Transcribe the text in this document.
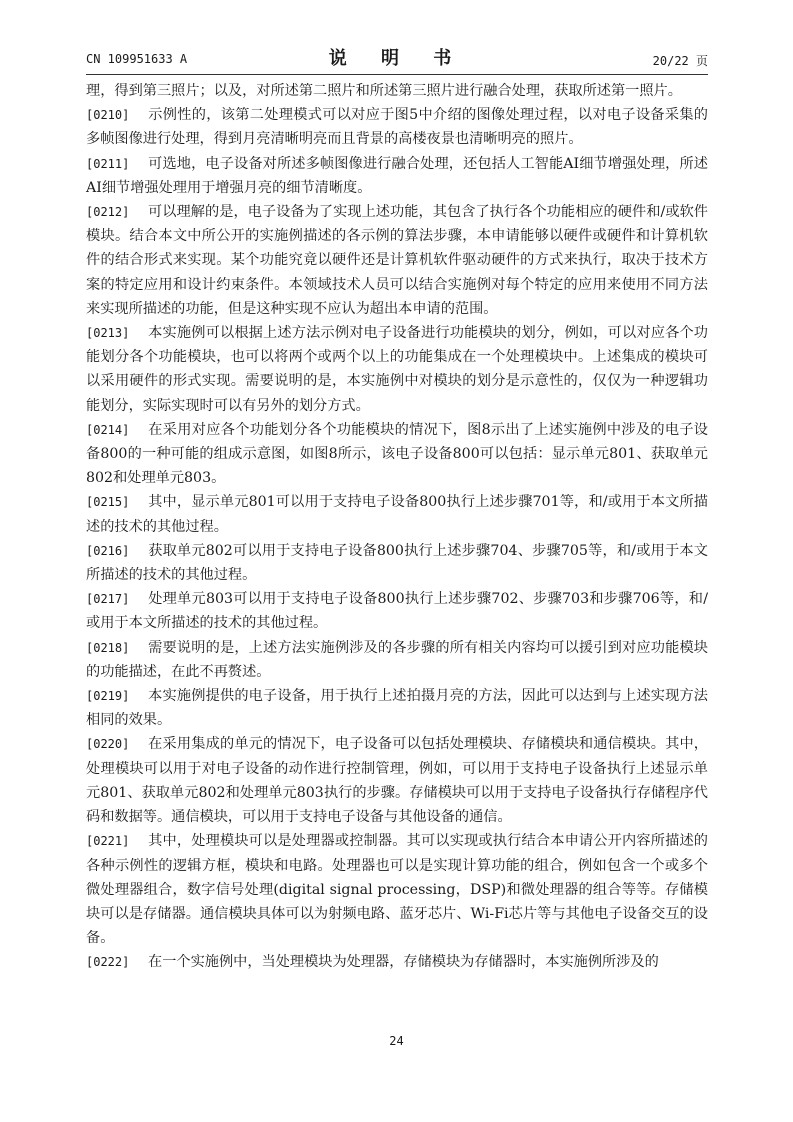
CN 109951633 A	说 明 书	20/22 页

理，得到第三照片；以及，对所述第二照片和所述第三照片进行融合处理，获取所述第一照片。

[0210] 示例性的，该第二处理模式可以对应于图5中介绍的图像处理过程，以对电子设备采集的多帧图像进行处理，得到月亮清晰明亮而且背景的高楼夜景也清晰明亮的照片。

[0211] 可选地，电子设备对所述多帧图像进行融合处理，还包括人工智能AI细节增强处理，所述AI细节增强处理用于增强月亮的细节清晰度。

[0212] 可以理解的是，电子设备为了实现上述功能，其包含了执行各个功能相应的硬件和/或软件模块。结合本文中所公开的实施例描述的各示例的算法步骤，本申请能够以硬件或硬件和计算机软件的结合形式来实现。某个功能究竟以硬件还是计算机软件驱动硬件的方式来执行，取决于技术方案的特定应用和设计约束条件。本领域技术人员可以结合实施例对每个特定的应用来使用不同方法来实现所描述的功能，但是这种实现不应认为超出本申请的范围。

[0213] 本实施例可以根据上述方法示例对电子设备进行功能模块的划分，例如，可以对应各个功能划分各个功能模块，也可以将两个或两个以上的功能集成在一个处理模块中。上述集成的模块可以采用硬件的形式实现。需要说明的是，本实施例中对模块的划分是示意性的，仅仅为一种逻辑功能划分，实际实现时可以有另外的划分方式。

[0214] 在采用对应各个功能划分各个功能模块的情况下，图8示出了上述实施例中涉及的电子设备800的一种可能的组成示意图，如图8所示，该电子设备800可以包括：显示单元801、获取单元802和处理单元803。

[0215] 其中，显示单元801可以用于支持电子设备800执行上述步骤701等，和/或用于本文所描述的技术的其他过程。

[0216] 获取单元802可以用于支持电子设备800执行上述步骤704、步骤705等，和/或用于本文所描述的技术的其他过程。

[0217] 处理单元803可以用于支持电子设备800执行上述步骤702、步骤703和步骤706等，和/或用于本文所描述的技术的其他过程。

[0218] 需要说明的是，上述方法实施例涉及的各步骤的所有相关内容均可以援引到对应功能模块的功能描述，在此不再赘述。

[0219] 本实施例提供的电子设备，用于执行上述拍摄月亮的方法，因此可以达到与上述实现方法相同的效果。

[0220] 在采用集成的单元的情况下，电子设备可以包括处理模块、存储模块和通信模块。其中，处理模块可以用于对电子设备的动作进行控制管理，例如，可以用于支持电子设备执行上述显示单元801、获取单元802和处理单元803执行的步骤。存储模块可以用于支持电子设备执行存储程序代码和数据等。通信模块，可以用于支持电子设备与其他设备的通信。

[0221] 其中，处理模块可以是处理器或控制器。其可以实现或执行结合本申请公开内容所描述的各种示例性的逻辑方框，模块和电路。处理器也可以是实现计算功能的组合，例如包含一个或多个微处理器组合，数字信号处理(digital signal processing，DSP)和微处理器的组合等等。存储模块可以是存储器。通信模块具体可以为射频电路、蓝牙芯片、Wi-Fi芯片等与其他电子设备交互的设备。

[0222] 在一个实施例中，当处理模块为处理器，存储模块为存储器时，本实施例所涉及的

24
